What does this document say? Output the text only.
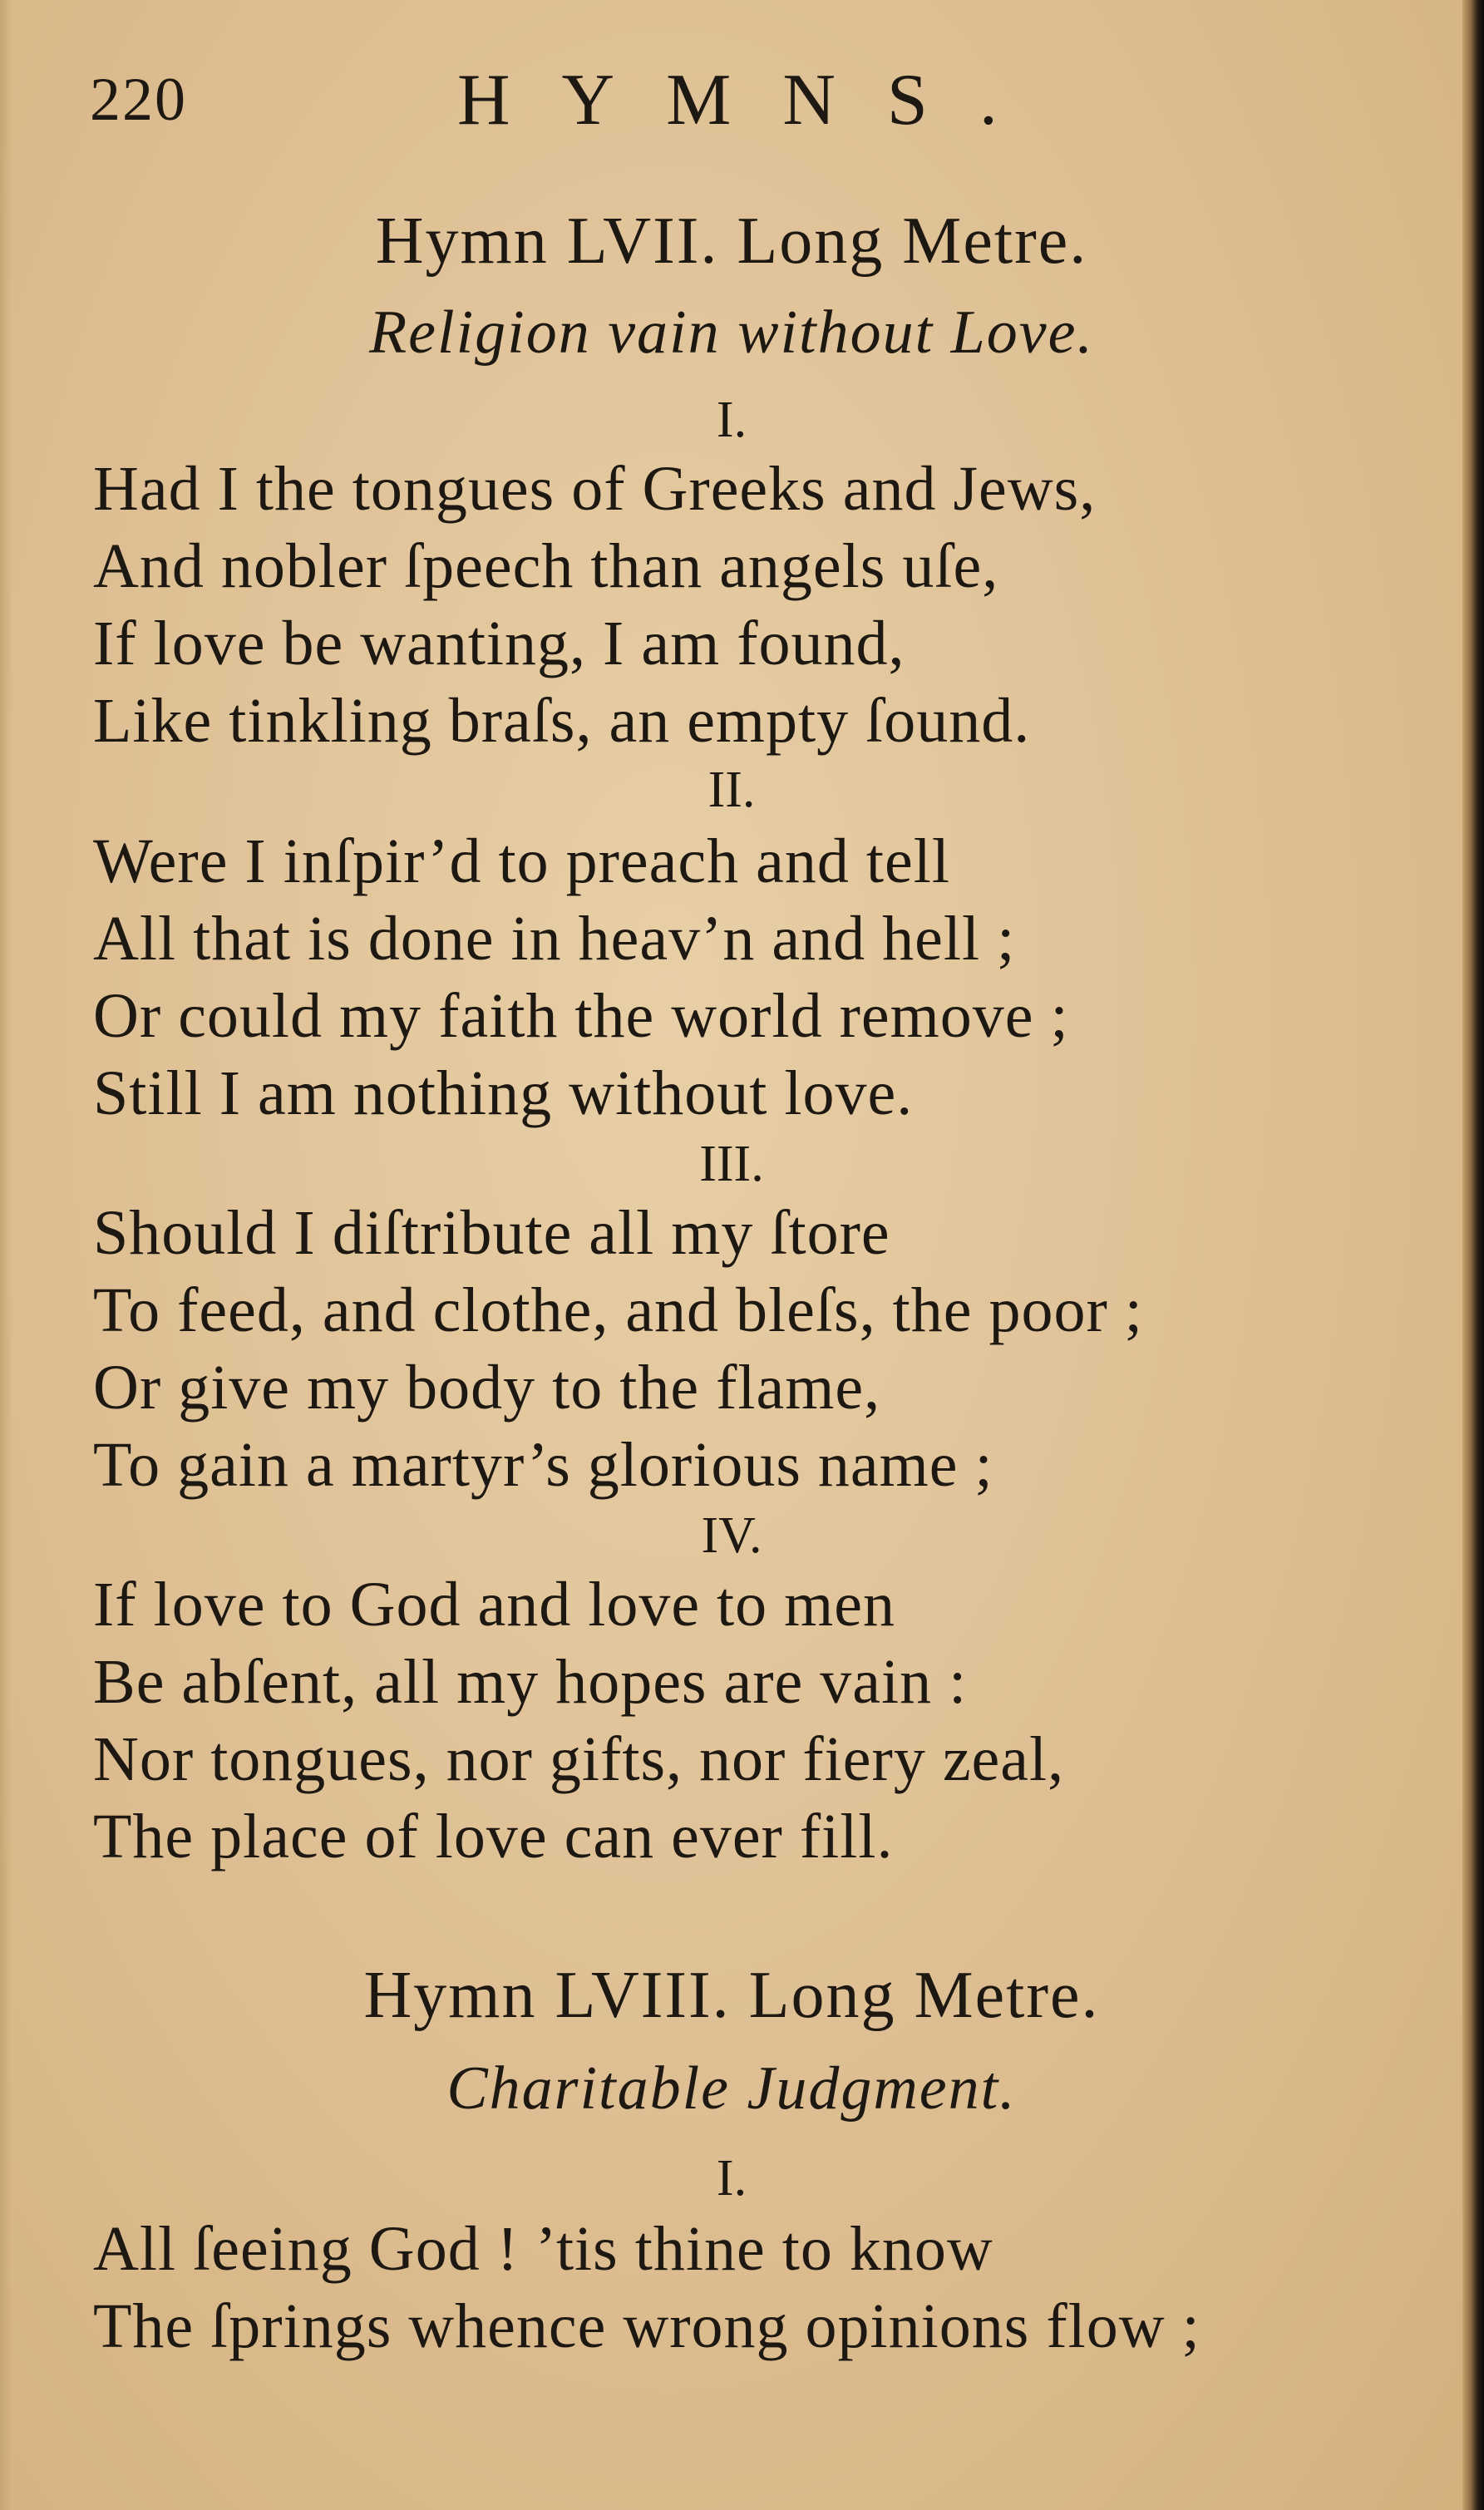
220	HYMNS.
Hymn LVII. Long Metre.
Religion vain without Love.
I.
Had I the tongues of Greeks and Jews,
And nobler ſpeech than angels uſe,
If love be wanting, I am found,
Like tinkling braſs, an empty ſound.
II.
Were I inſpir’d to preach and tell
All that is done in heav’n and hell ;
Or could my faith the world remove ;
Still I am nothing without love.
III.
Should I diſtribute all my ſtore
To feed, and clothe, and bleſs, the poor ;
Or give my body to the flame,
To gain a martyr’s glorious name ;
IV.
If love to God and love to men
Be abſent, all my hopes are vain :
Nor tongues, nor gifts, nor fiery zeal,
The place of love can ever fill.
Hymn LVIII. Long Metre.
Charitable Judgment.
I.
All ſeeing God ! ’tis thine to know
The ſprings whence wrong opinions flow ;
